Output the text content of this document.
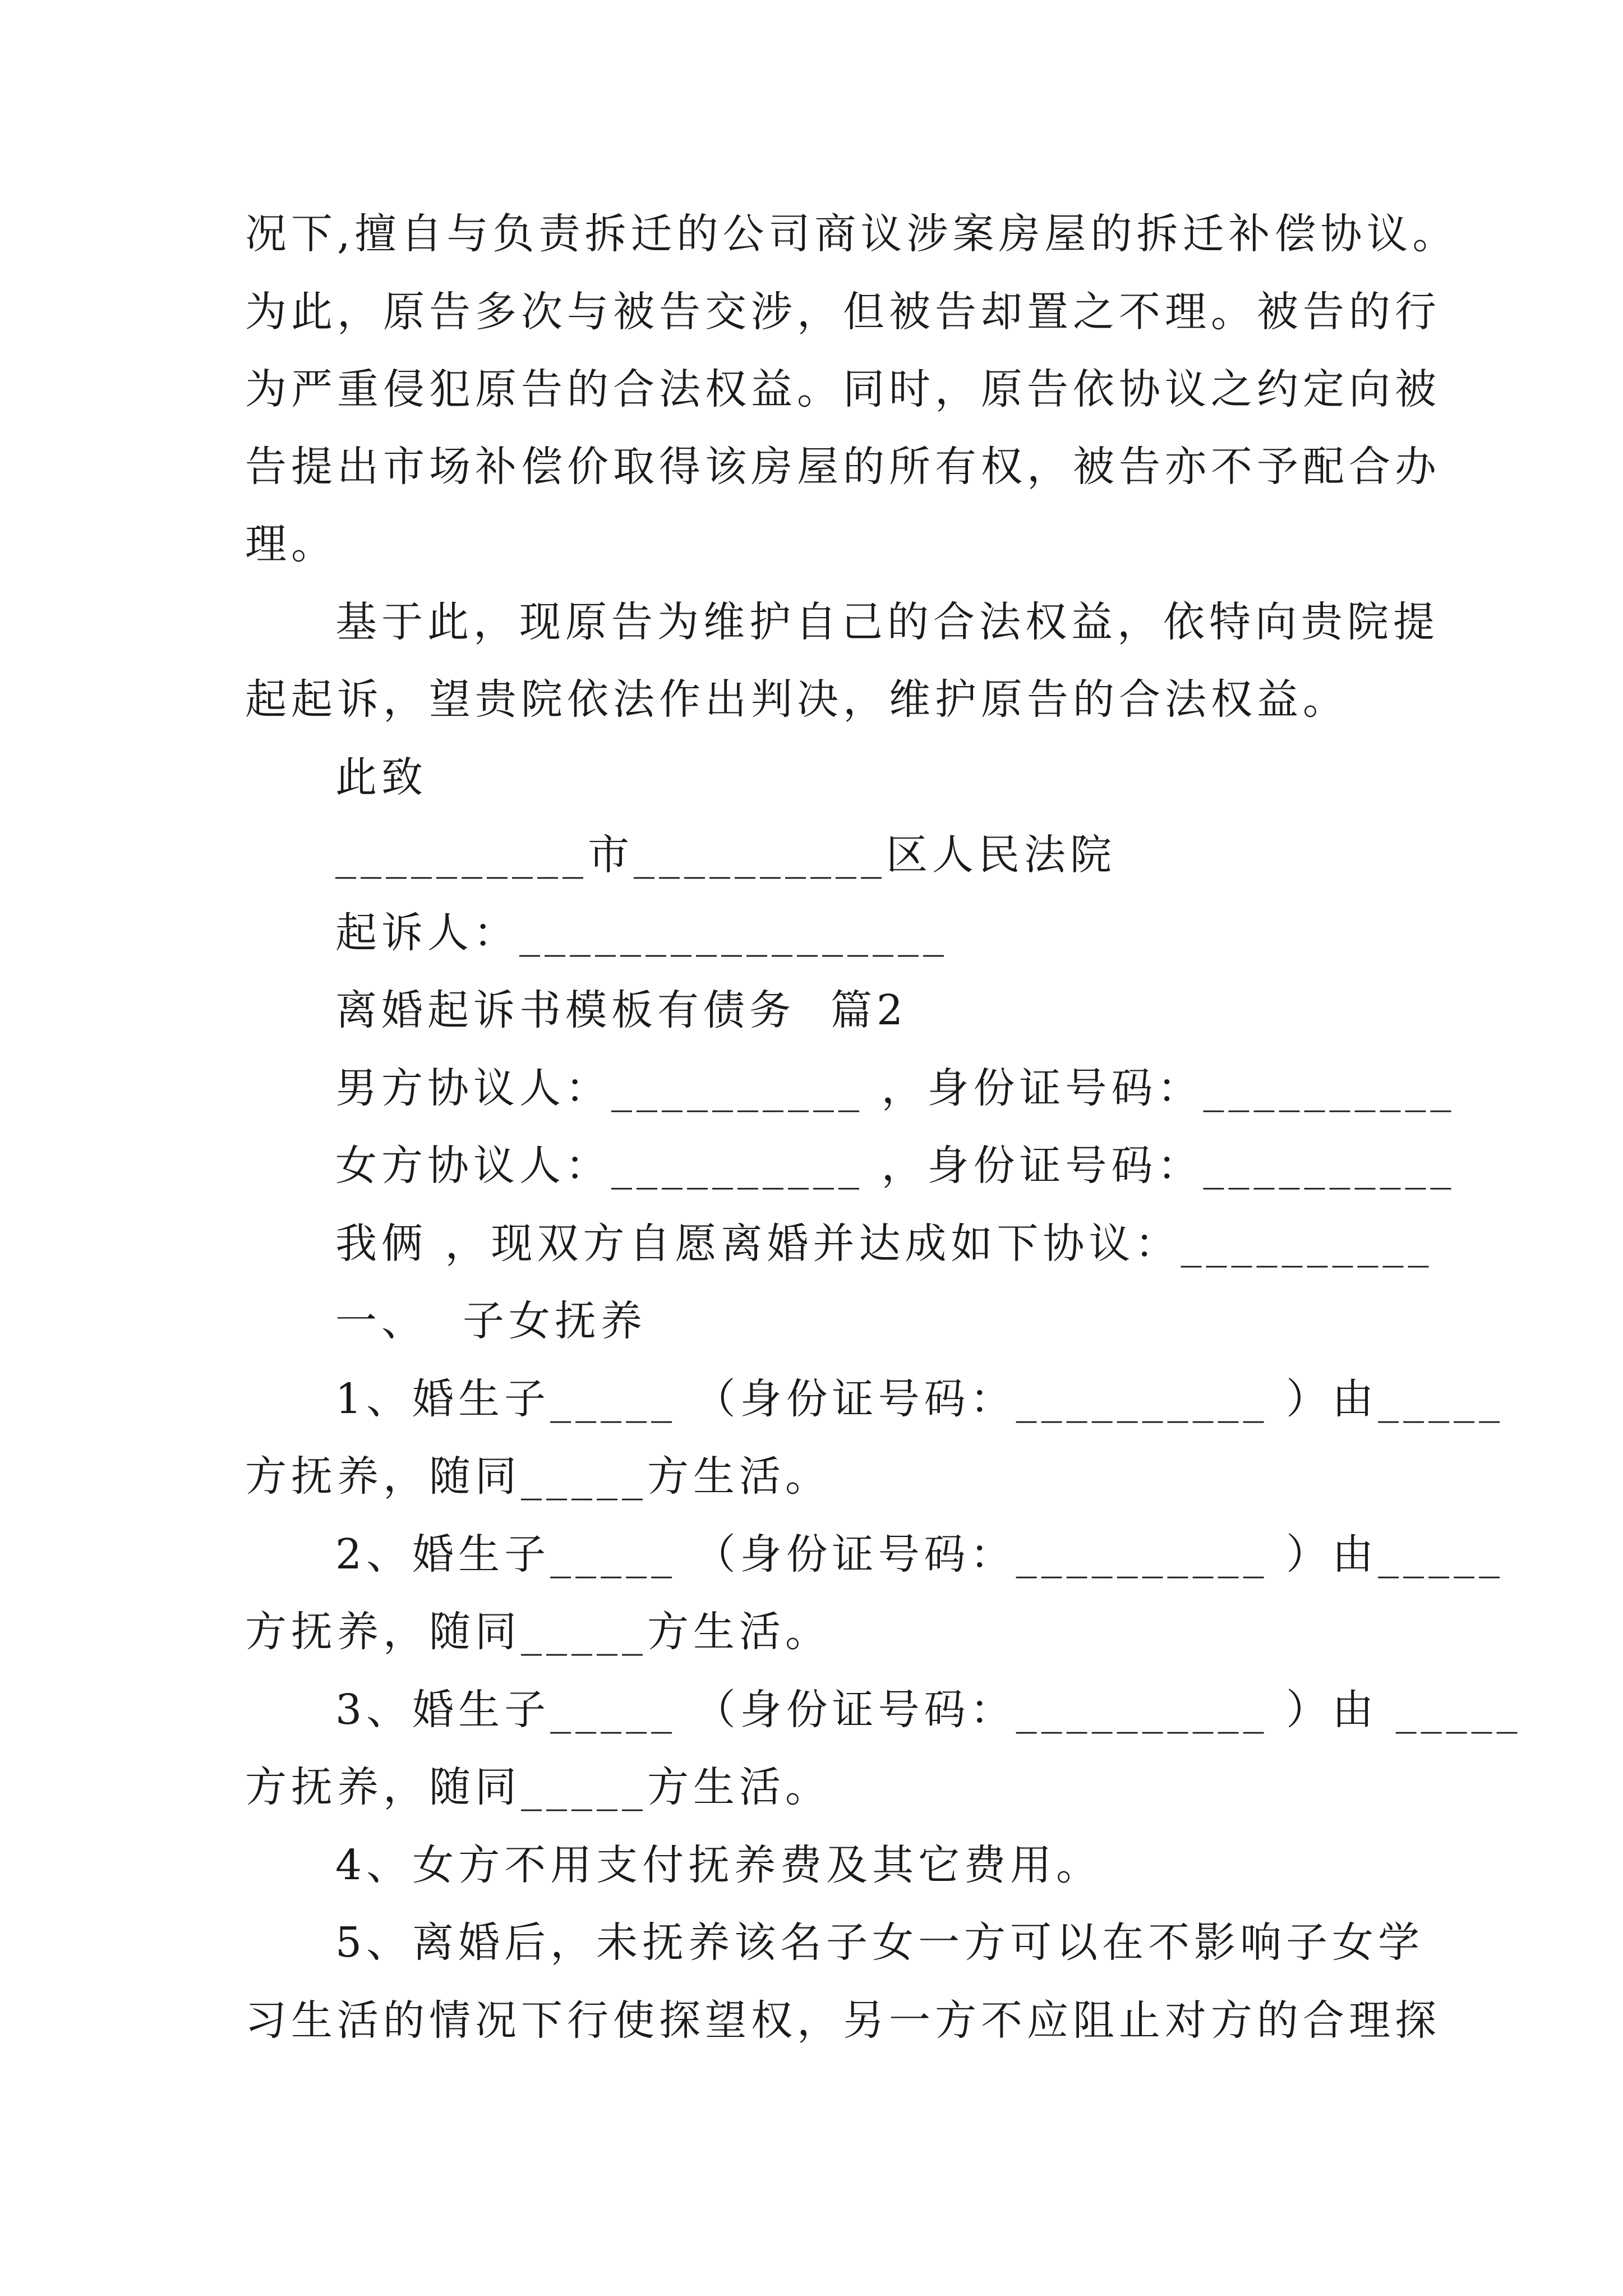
况下,擅自与负责拆迁的公司商议涉案房屋的拆迁补偿协议。
为此，原告多次与被告交涉，但被告却置之不理。被告的行
为严重侵犯原告的合法权益。同时，原告依协议之约定向被
告提出市场补偿价取得该房屋的所有权，被告亦不予配合办
理。
基于此，现原告为维护自己的合法权益，依特向贵院提
起起诉，望贵院依法作出判决，维护原告的合法权益。
此致
__________市__________区人民法院
起诉人：_________________
离婚起诉书模板有债务  篇2
男方协议人：__________ ，身份证号码：__________
女方协议人：__________ ，身份证号码：__________
我俩 ，现双方自愿离婚并达成如下协议：__________
一、  子女抚养
1、婚生子_____ （身份证号码：__________ ）由_____
方抚养，随同_____方生活。
2、婚生子_____ （身份证号码：__________ ）由_____
方抚养，随同_____方生活。
3、婚生子_____ （身份证号码：__________ ）由 _____
方抚养，随同_____方生活。
4、女方不用支付抚养费及其它费用。
5、离婚后，未抚养该名子女一方可以在不影响子女学
习生活的情况下行使探望权，另一方不应阻止对方的合理探
